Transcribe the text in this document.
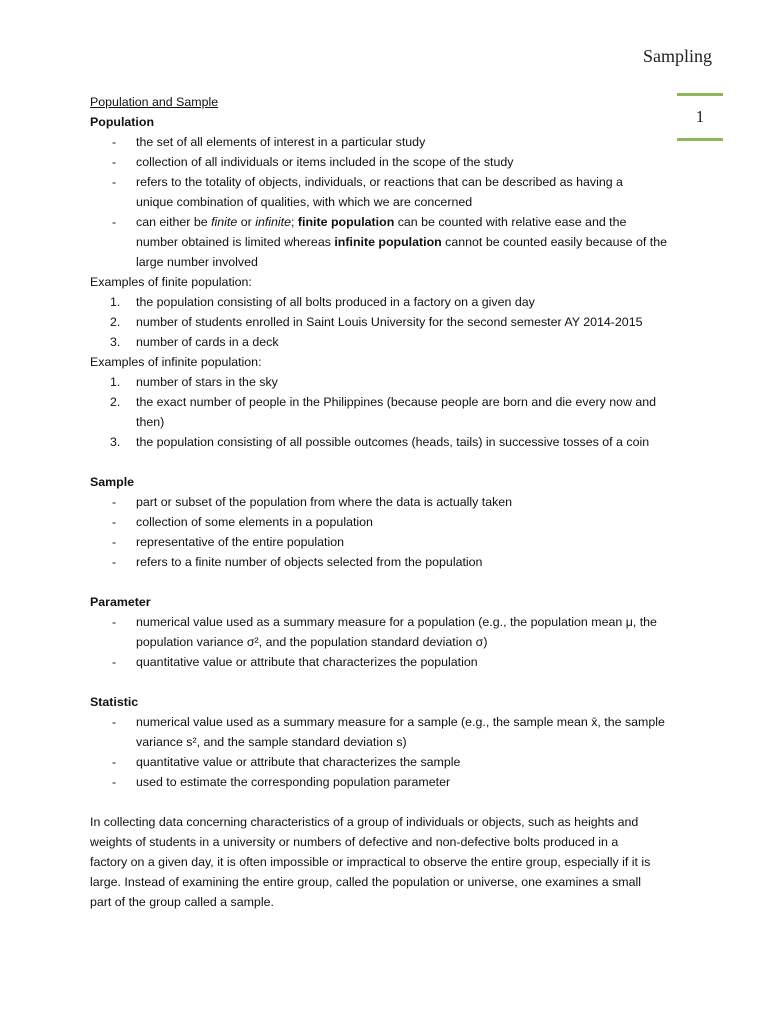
Sampling
1
Population and Sample
Population
- the set of all elements of interest in a particular study
- collection of all individuals or items included in the scope of the study
- refers to the totality of objects, individuals, or reactions that can be described as having a
unique combination of qualities, with which we are concerned
- can either be finite or infinite; finite population can be counted with relative ease and the
number obtained is limited whereas infinite population cannot be counted easily because of the
large number involved
Examples of finite population:
1. the population consisting of all bolts produced in a factory on a given day
2. number of students enrolled in Saint Louis University for the second semester AY 2014-2015
3. number of cards in a deck
Examples of infinite population:
1. number of stars in the sky
2. the exact number of people in the Philippines (because people are born and die every now and
then)
3. the population consisting of all possible outcomes (heads, tails) in successive tosses of a coin
Sample
- part or subset of the population from where the data is actually taken
- collection of some elements in a population
- representative of the entire population
- refers to a finite number of objects selected from the population
Parameter
- numerical value used as a summary measure for a population (e.g., the population mean μ, the
population variance σ², and the population standard deviation σ)
- quantitative value or attribute that characterizes the population
Statistic
- numerical value used as a summary measure for a sample (e.g., the sample mean x̄, the sample
variance s², and the sample standard deviation s)
- quantitative value or attribute that characterizes the sample
- used to estimate the corresponding population parameter
In collecting data concerning characteristics of a group of individuals or objects, such as heights and
weights of students in a university or numbers of defective and non-defective bolts produced in a
factory on a given day, it is often impossible or impractical to observe the entire group, especially if it is
large. Instead of examining the entire group, called the population or universe, one examines a small
part of the group called a sample.
